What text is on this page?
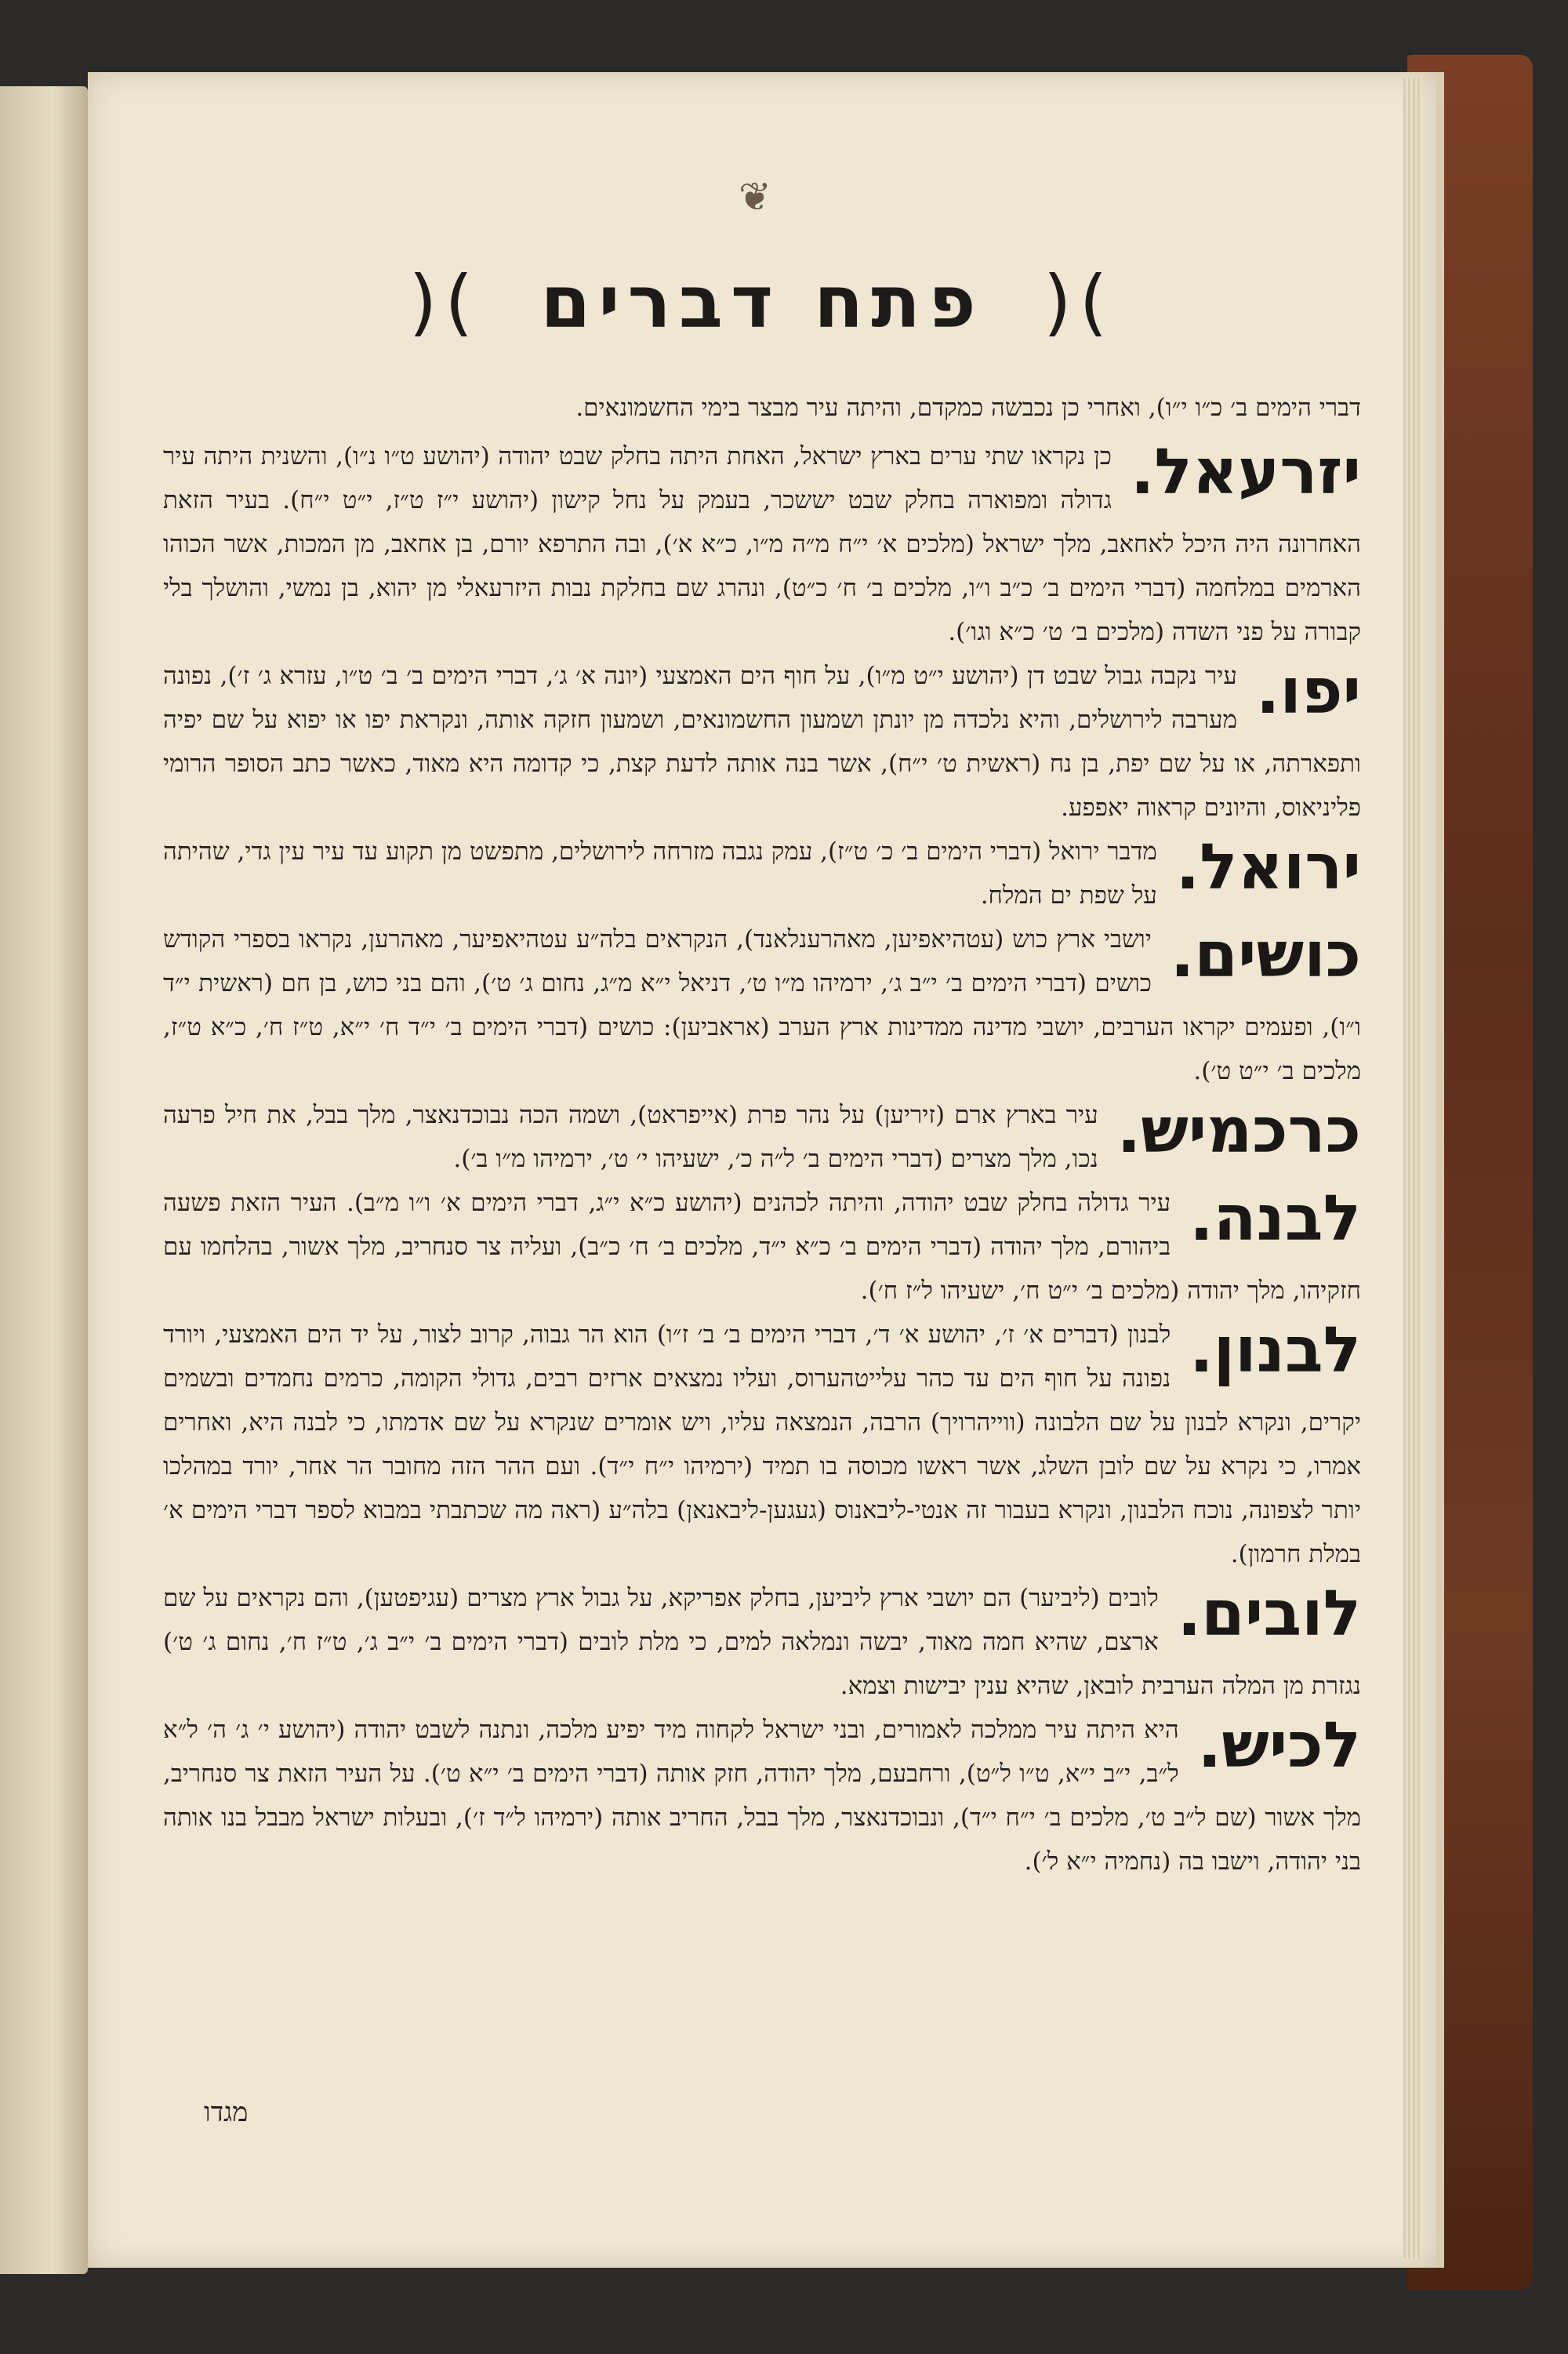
❦
)( פתח דברים )(

דברי הימים ב׳ כ״ו י״ו), ואחרי כן נכבשה כמקדם, והיתה עיר מבצר בימי החשמונאים.

יזרעאל.
כן נקראו שתי ערים בארץ ישראל, האחת היתה בחלק שבט יהודה (יהושע ט״ו נ״ו), והשנית היתה עיר גדולה ומפוארה בחלק שבט יששכר, בעמק על נחל קישון (יהושע י״ז ט״ז, י״ט י״ח). בעיר הזאת האחרונה היה היכל לאחאב, מלך ישראל (מלכים א׳ י״ח מ״ה מ״ו, כ״א א׳), ובה התרפא יורם, בן אחאב, מן המכות, אשר הכוהו הארמים במלחמה (דברי הימים ב׳ כ״ב ו״ו, מלכים ב׳ ח׳ כ״ט), ונהרג שם בחלקת נבות היזרעאלי מן יהוא, בן נמשי, והושלך בלי קבורה על פני השדה (מלכים ב׳ ט׳ כ״א וגו׳).
יפו.
עיר נקבה גבול שבט דן (יהושע י״ט מ״ו), על חוף הים האמצעי (יונה א׳ ג׳, דברי הימים ב׳ ב׳ ט״ו, עזרא ג׳ ז׳), נפונה מערבה לירושלים, והיא נלכדה מן יונתן ושמעון החשמונאים, ושמעון חזקה אותה, ונקראת יפו או יפוא על שם יפיה ותפארתה, או על שם יפת, בן נח (ראשית ט׳ י״ח), אשר בנה אותה לדעת קצת, כי קדומה היא מאוד, כאשר כתב הסופר הרומי פליניאוס, והיונים קראוה יאפפע.
ירואל.
מדבר ירואל (דברי הימים ב׳ כ׳ ט״ז), עמק נגבה מזרחה לירושלים, מתפשט מן תקוע עד עיר עין גדי, שהיתה על שפת ים המלח.
כושים.
יושבי ארץ כוש (עטהיאפיען, מאהרענלאנד), הנקראים בלה״ע עטהיאפיער, מאהרען, נקראו בספרי הקודש כושים (דברי הימים ב׳ י״ב ג׳, ירמיהו מ״ו ט׳, דניאל י״א מ״ג, נחום ג׳ ט׳), והם בני כוש, בן חם (ראשית י״ד ו״ו), ופעמים יקראו הערבים, יושבי מדינה ממדינות ארץ הערב (אראביען): כושים (דברי הימים ב׳ י״ד ח׳ י״א, ט״ז ח׳, כ״א ט״ז, מלכים ב׳ י״ט ט׳).
כרכמיש.
עיר בארץ ארם (זיריען) על נהר פרת (אייפראט), ושמה הכה נבוכדנאצר, מלך בבל, את חיל פרעה נכו, מלך מצרים (דברי הימים ב׳ ל״ה כ׳, ישעיהו י׳ ט׳, ירמיהו מ״ו ב׳).
לבנה.
עיר גדולה בחלק שבט יהודה, והיתה לכהנים (יהושע כ״א י״ג, דברי הימים א׳ ו״ו מ״ב). העיר הזאת פשעה ביהורם, מלך יהודה (דברי הימים ב׳ כ״א י״ד, מלכים ב׳ ח׳ כ״ב), ועליה צר סנחריב, מלך אשור, בהלחמו עם חזקיהו, מלך יהודה (מלכים ב׳ י״ט ח׳, ישעיהו ל״ז ח׳).
לבנון.
לבנון (דברים א׳ ז׳, יהושע א׳ ד׳, דברי הימים ב׳ ב׳ ז״ו) הוא הר גבוה, קרוב לצור, על יד הים האמצעי, ויורד נפונה על חוף הים עד כהר עלייטהערוס, ועליו נמצאים ארזים רבים, גדולי הקומה, כרמים נחמדים ובשמים יקרים, ונקרא לבנון על שם הלבונה (ווייהרויך) הרבה, הנמצאה עליו, ויש אומרים שנקרא על שם אדמתו, כי לבנה היא, ואחרים אמרו, כי נקרא על שם לובן השלג, אשר ראשו מכוסה בו תמיד (ירמיהו י״ח י״ד). ועם ההר הזה מחובר הר אחר, יורד במהלכו יותר לצפונה, נוכח הלבנון, ונקרא בעבור זה אנטי-ליבאנוס (געגען-ליבאנאן) בלה״ע (ראה מה שכתבתי במבוא לספר דברי הימים א׳ במלת חרמון).
לובים.
לובים (ליביער) הם יושבי ארץ ליביען, בחלק אפריקא, על גבול ארץ מצרים (עגיפטען), והם נקראים על שם ארצם, שהיא חמה מאוד, יבשה ונמלאה למים, כי מלת לובים (דברי הימים ב׳ י״ב ג׳, ט״ז ח׳, נחום ג׳ ט׳) נגזרת מן המלה הערבית לובאן, שהיא ענין יבישות וצמא.
לכיש.
היא היתה עיר ממלכה לאמורים, ובני ישראל לקחוה מיד יפיע מלכה, ונתנה לשבט יהודה (יהושע י׳ ג׳ ה׳ ל״א ל״ב, י״ב י״א, ט״ו ל״ט), ורחבעם, מלך יהודה, חזק אותה (דברי הימים ב׳ י״א ט׳). על העיר הזאת צר סנחריב, מלך אשור (שם ל״ב ט׳, מלכים ב׳ י״ח י״ד), ונבוכדנאצר, מלך בבל, החריב אותה (ירמיהו ל״ד ז׳), ובעלות ישראל מבבל בנו אותה בני יהודה, וישבו בה (נחמיה י״א ל׳).
מגדו
